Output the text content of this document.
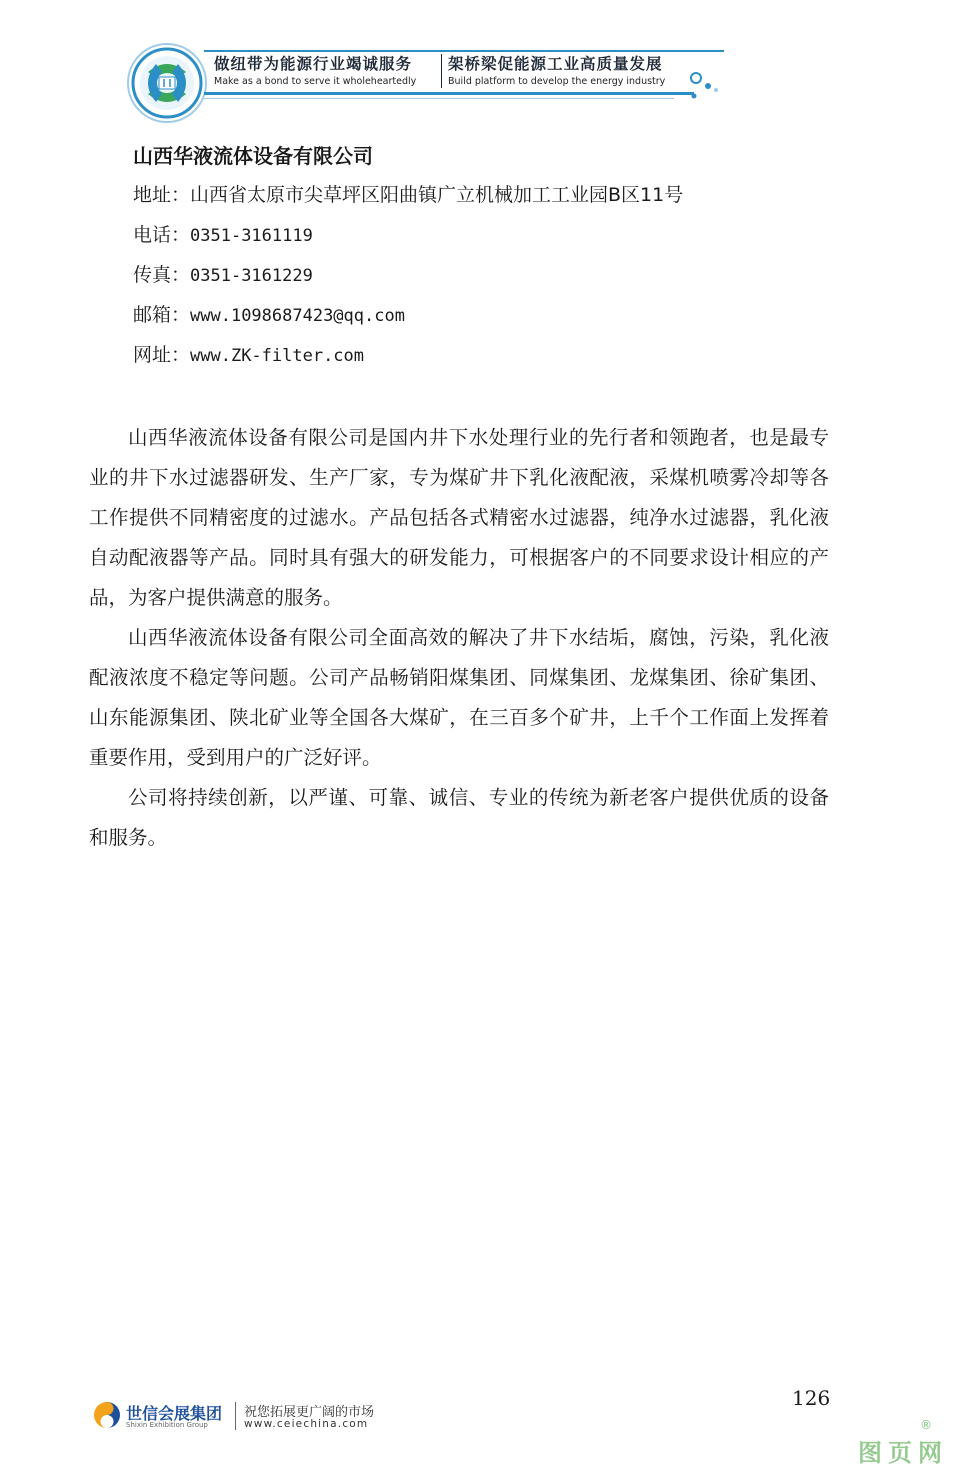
做纽带为能源行业竭诚服务 架桥梁促能源工业高质量发展
Make as a bond to serve it wholeheartedly	Build platform to develop the energy industry
山西华液流体设备有限公司
地址：山西省太原市尖草坪区阳曲镇广立机械加工工业园B区11号
电话：0351-3161119
传真：0351-3161229
邮箱：www.1098687423@qq.com
网址：www.ZK-filter.com

山西华液流体设备有限公司是国内井下水处理行业的先行者和领跑者，也是最专业的井下水过滤器研发、生产厂家，专为煤矿井下乳化液配液，采煤机喷雾冷却等各工作提供不同精密度的过滤水。产品包括各式精密水过滤器，纯净水过滤器，乳化液自动配液器等产品。同时具有强大的研发能力，可根据客户的不同要求设计相应的产品，为客户提供满意的服务。

山西华液流体设备有限公司全面高效的解决了井下水结垢，腐蚀，污染，乳化液配液浓度不稳定等问题。公司产品畅销阳煤集团、同煤集团、龙煤集团、徐矿集团、山东能源集团、陕北矿业等全国各大煤矿，在三百多个矿井，上千个工作面上发挥着重要作用，受到用户的广泛好评。

公司将持续创新，以严谨、可靠、诚信、专业的传统为新老客户提供优质的设备和服务。

126
世信会展集团
Shixin Exhibition Group
祝您拓展更广阔的市场
www.ceiechina.com
图页网
®
